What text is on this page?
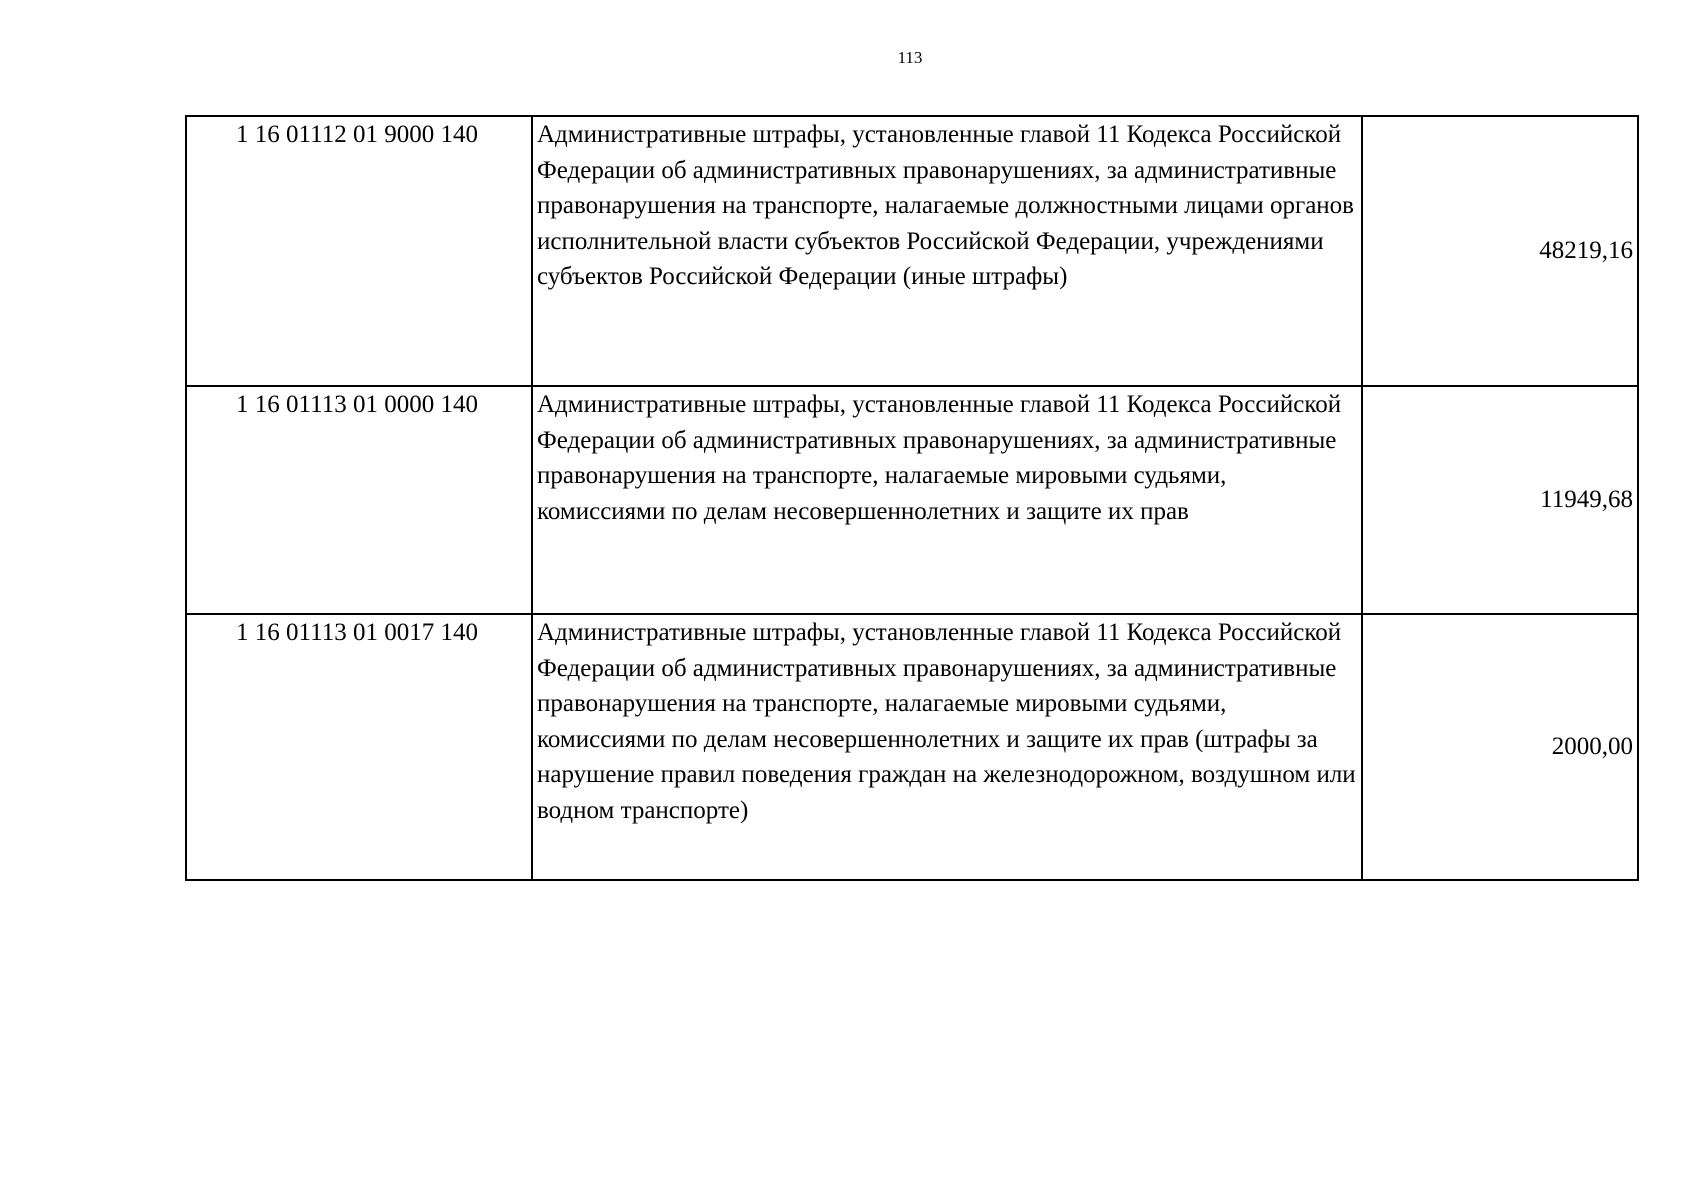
113
1 16 01112 01 9000 140	Административные штрафы, установленные главой 11 Кодекса Российской Федерации об административных правонарушениях, за административные правонарушения на транспорте, налагаемые должностными лицами органов исполнительной власти субъектов Российской Федерации, учреждениями субъектов Российской Федерации (иные штрафы)	48219,16

1 16 01113 01 0000 140	Административные штрафы, установленные главой 11 Кодекса Российской Федерации об административных правонарушениях, за административные правонарушения на транспорте, налагаемые мировыми судьями, комиссиями по делам несовершеннолетних и защите их прав	11949,68

1 16 01113 01 0017 140	Административные штрафы, установленные главой 11 Кодекса Российской Федерации об административных правонарушениях, за административные правонарушения на транспорте, налагаемые мировыми судьями, комиссиями по делам несовершеннолетних и защите их прав (штрафы за нарушение правил поведения граждан на железнодорожном, воздушном или водном транспорте)	2000,00
